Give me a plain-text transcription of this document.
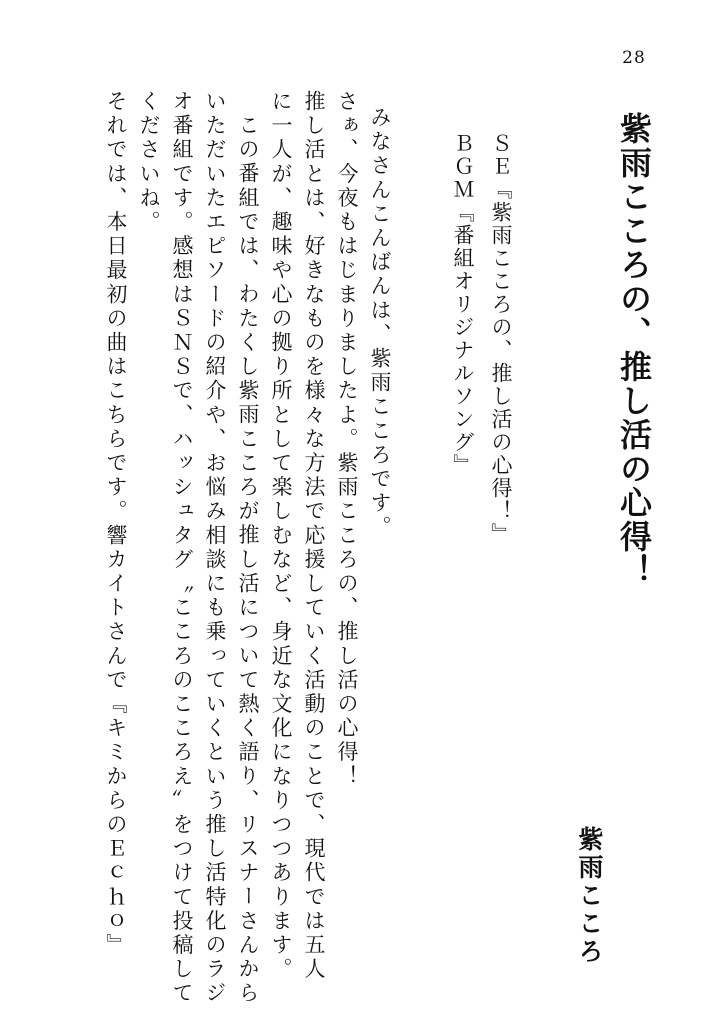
28
紫雨こころの、推し活の心得！
紫雨こころ
ＳＥ『紫雨こころの、推し活の心得！』
ＢＧＭ『番組オリジナルソング』
みなさんこんばんは、紫雨こころです。
さぁ、今夜もはじまりましたよ。紫雨こころの、推し活の心得！
推し活とは、好きなものを様々な方法で応援していく活動のことで、現代では五人
に一人が、趣味や心の拠り所として楽しむなど、身近な文化になりつつあります。
この番組では、わたくし紫雨こころが推し活について熱く語り、リスナーさんから
いただいたエピソードの紹介や、お悩み相談にも乗っていくという推し活特化のラジ
オ番組です。感想はＳＮＳで、ハッシュタグ〝こころのこころえ〟をつけて投稿して
くださいね。
それでは、本日最初の曲はこちらです。響カイトさんで『キミからのＥｃｈｏ』
